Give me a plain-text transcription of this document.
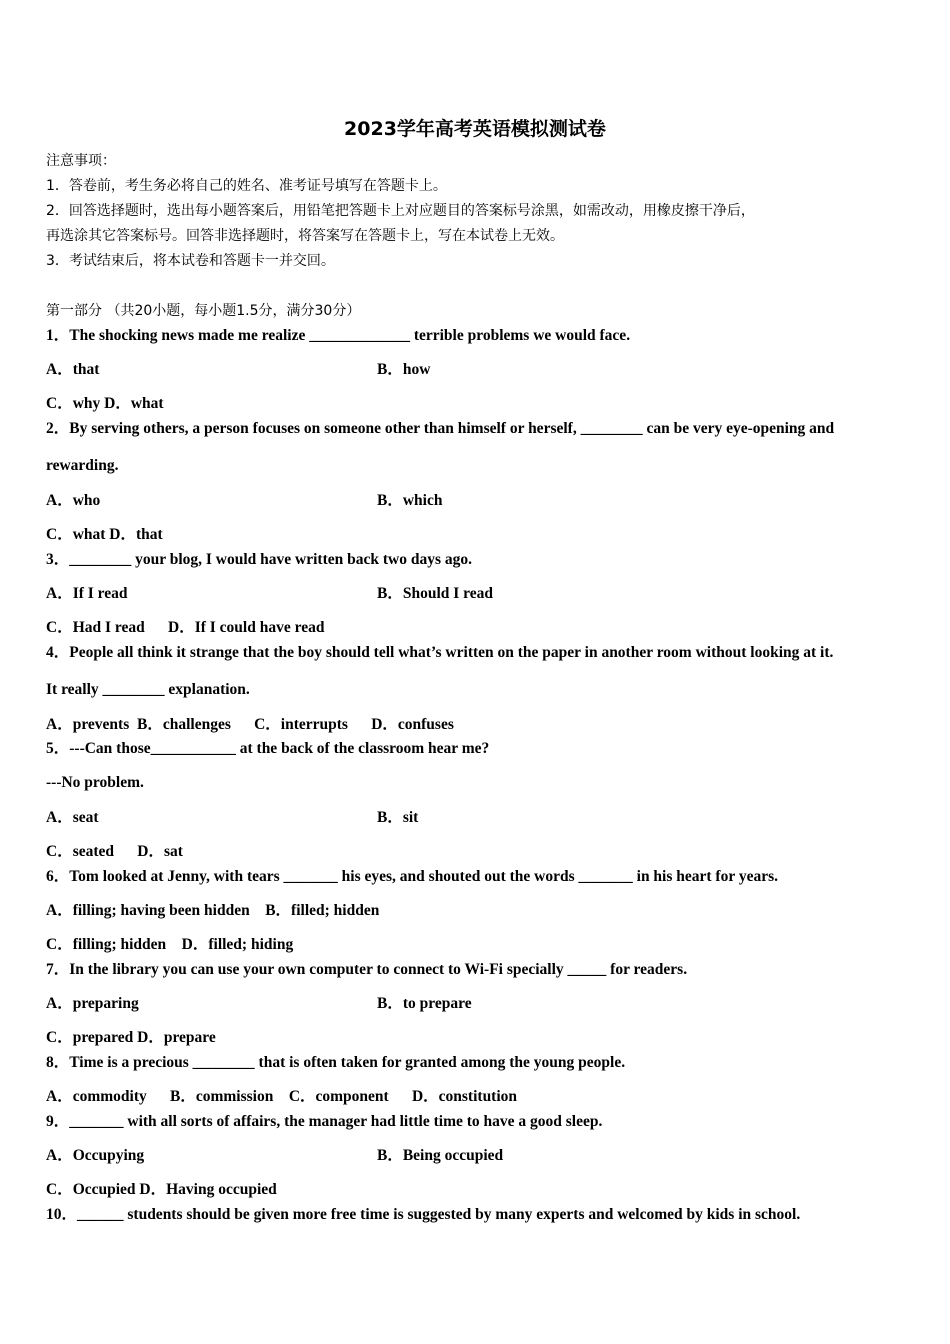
2023学年高考英语模拟测试卷
注意事项：
1．答卷前，考生务必将自己的姓名、准考证号填写在答题卡上。
2．回答选择题时，选出每小题答案后，用铅笔把答题卡上对应题目的答案标号涂黑，如需改动，用橡皮擦干净后，
再选涂其它答案标号。回答非选择题时，将答案写在答题卡上，写在本试卷上无效。
3．考试结束后，将本试卷和答题卡一并交回。
第一部分 （共20小题，每小题1.5分，满分30分）
1．The shocking news made me realize _____________ terrible problems we would face.
A．that	B．how
C．why D．what
2．By serving others, a person focuses on someone other than himself or herself, ________ can be very eye-opening and
rewarding.
A．who	B．which
C．what D．that
3．________ your blog, I would have written back two days ago.
A．If I read	B．Should I read
C．Had I read      D．If I could have read
4．People all think it strange that the boy should tell what’s written on the paper in another room without looking at it.
It really ________ explanation.
A．prevents  B．challenges      C．interrupts      D．confuses
5．---Can those___________ at the back of the classroom hear me?
---No problem.
A．seat	B．sit
C．seated      D．sat
6．Tom looked at Jenny, with tears _______ his eyes, and shouted out the words _______ in his heart for years.
A．filling; having been hidden    B．filled; hidden
C．filling; hidden    D．filled; hiding
7．In the library you can use your own computer to connect to Wi-Fi specially _____ for readers.
A．preparing	B．to prepare
C．prepared D．prepare
8．Time is a precious ________ that is often taken for granted among the young people.
A．commodity      B．commission    C．component      D．constitution
9．_______ with all sorts of affairs, the manager had little time to have a good sleep.
A．Occupying	B．Being occupied
C．Occupied D．Having occupied
10．______ students should be given more free time is suggested by many experts and welcomed by kids in school.
